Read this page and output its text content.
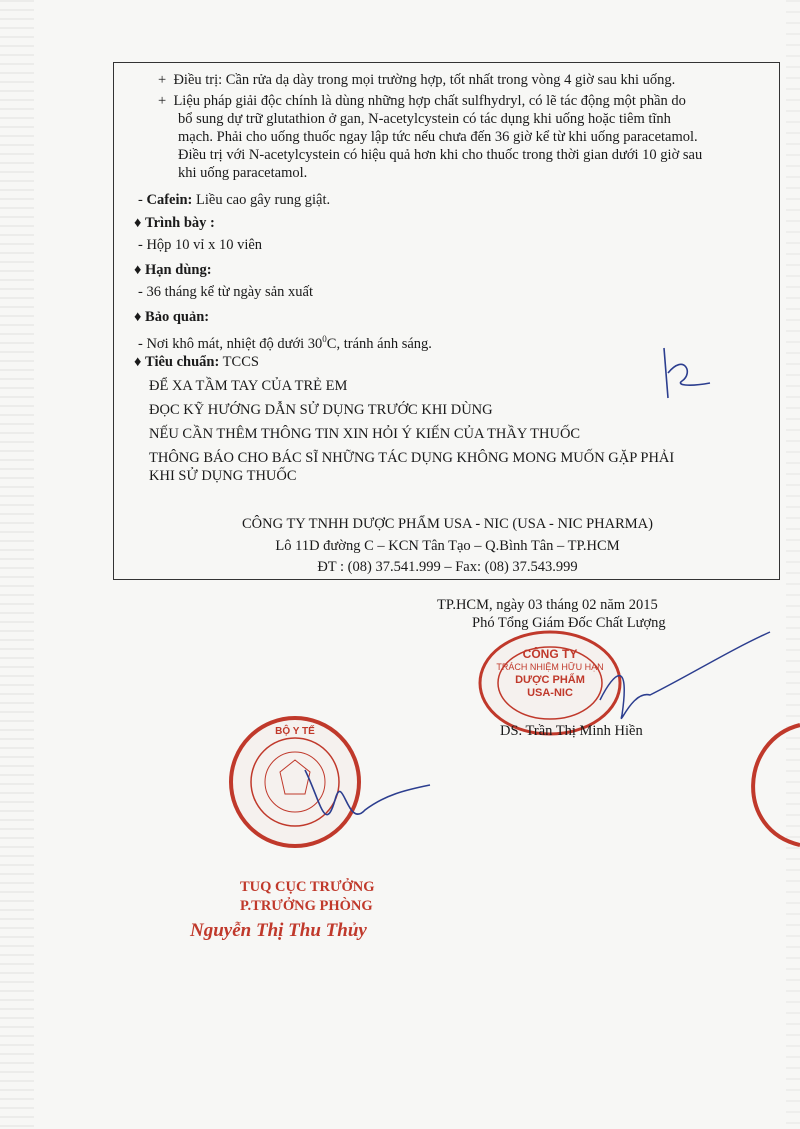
+  Điều trị: Cần rửa dạ dày trong mọi trường hợp, tốt nhất trong vòng 4 giờ sau khi uống.
+  Liệu pháp giải độc chính là dùng những hợp chất sulfhydryl, có lẽ tác động một phần do
bổ sung dự trữ glutathion ở gan, N-acetylcystein có tác dụng khi uống hoặc tiêm tĩnh
mạch. Phải cho uống thuốc ngay lập tức nếu chưa đến 36 giờ kể từ khi uống paracetamol.
Điều trị với N-acetylcystein có hiệu quả hơn khi cho thuốc trong thời gian dưới 10 giờ sau
khi uống paracetamol.
- Cafein: Liều cao gây rung giật.
♦ Trình bày :
- Hộp 10 vỉ x 10 viên
♦ Hạn dùng:
- 36 tháng kể từ ngày sản xuất
♦ Bảo quản:
- Nơi khô mát, nhiệt độ dưới $30^0C$, tránh ánh sáng.
♦ Tiêu chuẩn: TCCS
ĐỂ XA TẦM TAY CỦA TRẺ EM
ĐỌC KỸ HƯỚNG DẪN SỬ DỤNG TRƯỚC KHI DÙNG
NẾU CẦN THÊM THÔNG TIN XIN HỎI Ý KIẾN CỦA THẦY THUỐC
THÔNG BÁO CHO BÁC SĨ NHỮNG TÁC DỤNG KHÔNG MONG MUỐN GẶP PHẢI
KHI SỬ DỤNG THUỐC
CÔNG TY TNHH DƯỢC PHẨM USA - NIC (USA - NIC PHARMA)
Lô 11D đường C – KCN Tân Tạo – Q.Bình Tân – TP.HCM
ĐT : (08) 37.541.999 – Fax: (08) 37.543.999
CÔNG TY
TRÁCH NHIỆM HỮU HẠN
DƯỢC PHẨM
USA-NIC
TP.HCM, ngày 03 tháng 02 năm 2015
Phó Tổng Giám Đốc Chất Lượng
DS. Trần Thị Minh Hiền
BỘ Y TẾ
TUQ CỤC TRƯỞNG
P.TRƯỞNG PHÒNG
Nguyễn Thị Thu Thủy
